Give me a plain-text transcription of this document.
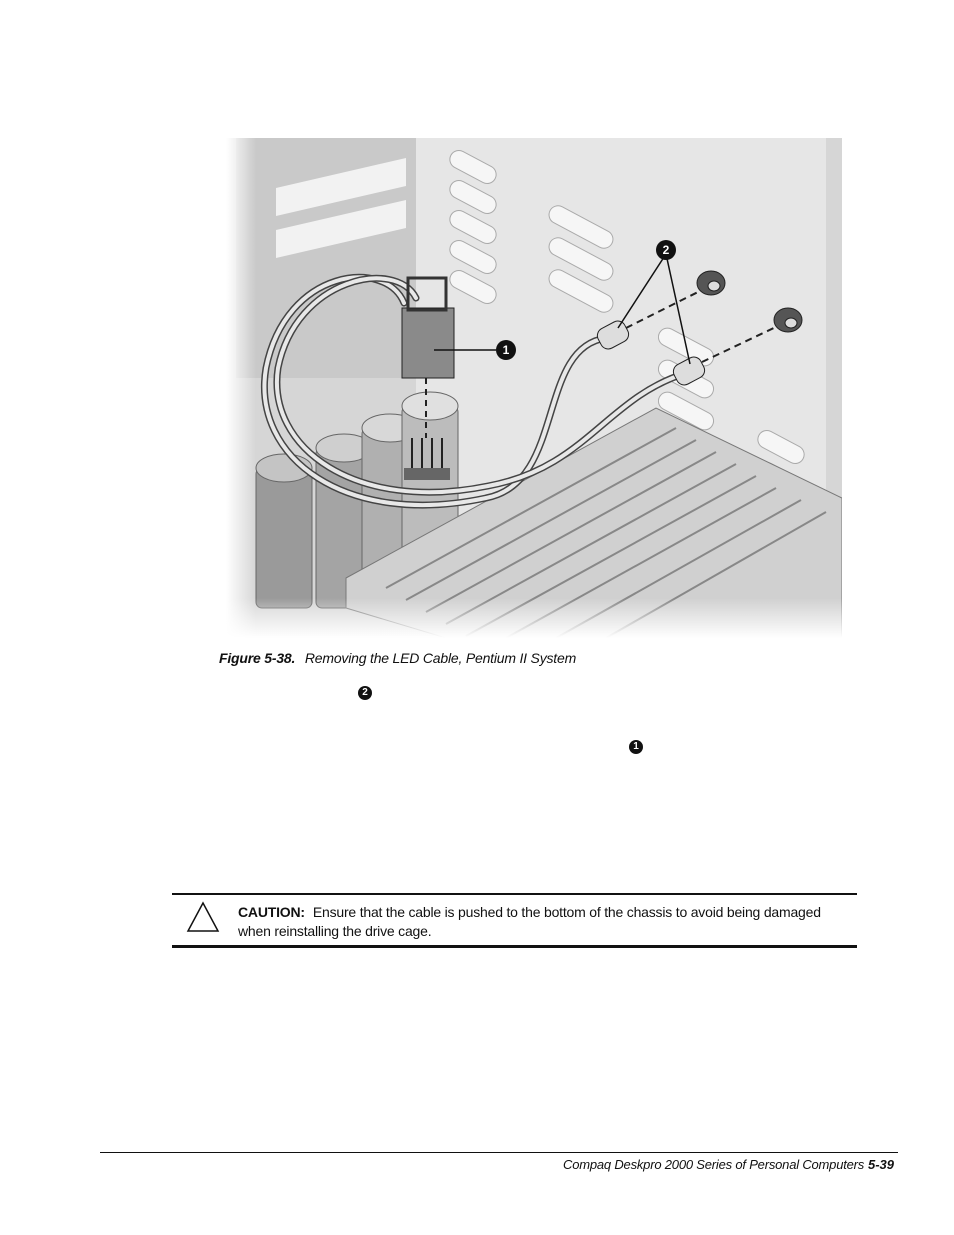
1
2
Figure 5-38. Removing the LED Cable, Pentium II System
2
1
CAUTION: Ensure that the cable is pushed to the bottom of the chassis to avoid being damaged when reinstalling the drive cage.
Compaq Deskpro 2000 Series of Personal Computers 5-39
